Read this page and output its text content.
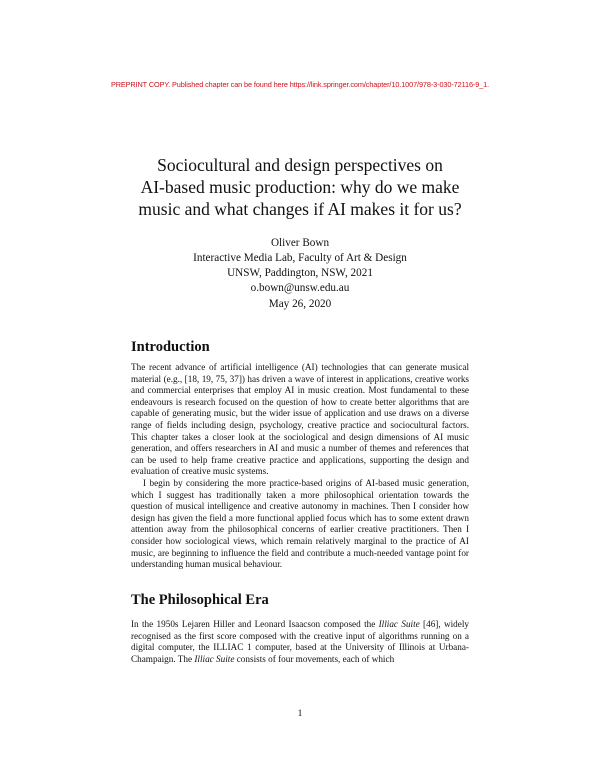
PREPRINT COPY. Published chapter can be found here https://link.springer.com/chapter/10.1007/978-3-030-72116-9_1.
Sociocultural and design perspectives on
AI-based music production: why do we make
music and what changes if AI makes it for us?
Oliver Bown
Interactive Media Lab, Faculty of Art & Design
UNSW, Paddington, NSW, 2021
o.bown@unsw.edu.au
May 26, 2020
Introduction

The recent advance of artificial intelligence (AI) technologies that can generate musical material (e.g., [18, 19, 75, 37]) has driven a wave of interest in applications, creative works and commercial enterprises that employ AI in music creation. Most fundamental to these endeavours is research focused on the question of how to create better algorithms that are capable of generating music, but the wider issue of application and use draws on a diverse range of fields including design, psychology, creative practice and sociocultural factors. This chapter takes a closer look at the sociological and design dimensions of AI music generation, and offers researchers in AI and music a number of themes and references that can be used to help frame creative practice and applications, supporting the design and evaluation of creative music systems.

I begin by considering the more practice-based origins of AI-based music generation, which I suggest has traditionally taken a more philosophical orientation towards the question of musical intelligence and creative autonomy in machines. Then I consider how design has given the field a more functional applied focus which has to some extent drawn attention away from the philosophical concerns of earlier creative practitioners. Then I consider how sociological views, which remain relatively marginal to the practice of AI music, are beginning to influence the field and contribute a much-needed vantage point for understanding human musical behaviour.

The Philosophical Era

In the 1950s Lejaren Hiller and Leonard Isaacson composed the Illiac Suite [46], widely recognised as the first score composed with the creative input of algorithms running on a digital computer, the ILLIAC 1 computer, based at the University of Illinois at Urbana-Champaign. The Illiac Suite consists of four movements, each of which

1
